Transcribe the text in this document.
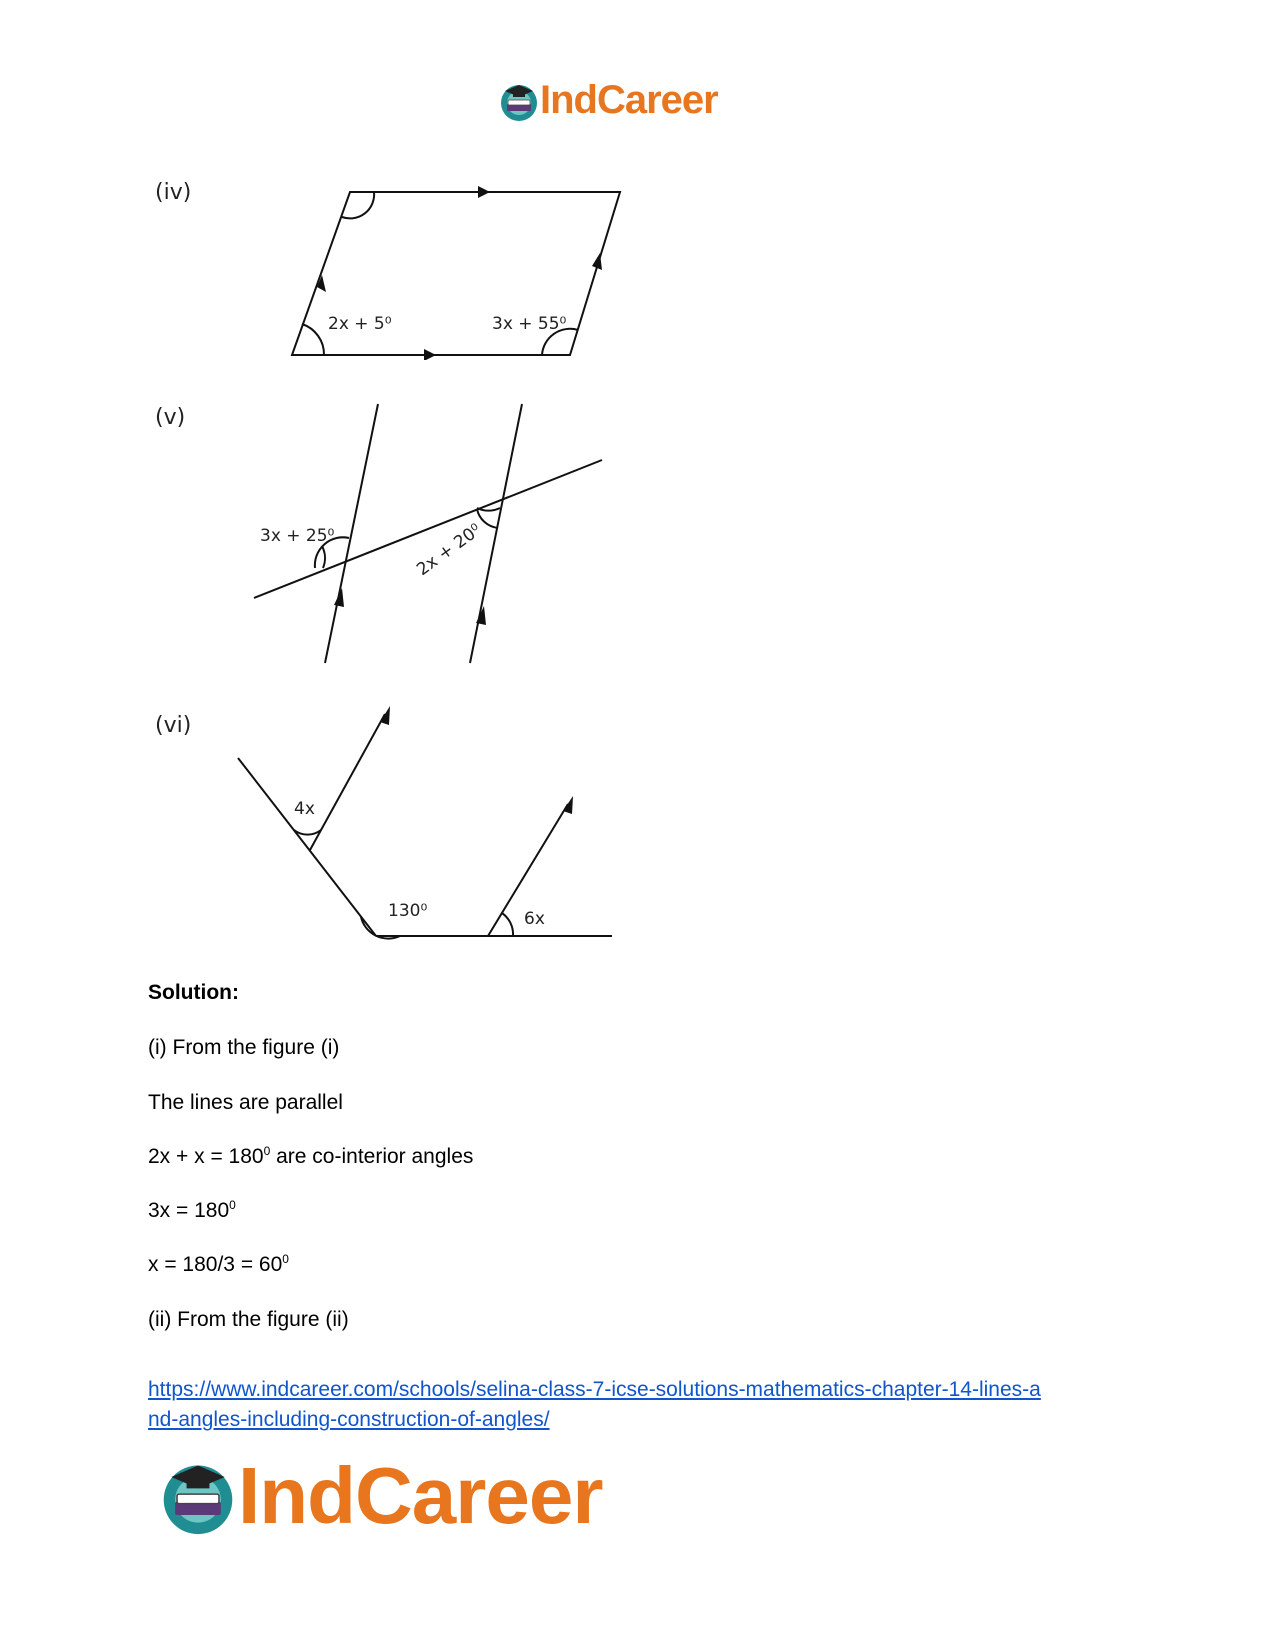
IndCareer
(iv)
2x + 5⁰	3x + 55⁰
(v)
3x + 25⁰	2x + 20⁰
(vi)
4x
130⁰	6x
Solution:
(i) From the figure (i)
The lines are parallel
$2x + x = 180^0$ are co-interior angles
$3x = 180^0$
$x = 180/3 = 60^0$
(ii) From the figure (ii)
https://www.indcareer.com/schools/selina-class-7-icse-solutions-mathematics-chapter-14-lines-a
nd-angles-including-construction-of-angles/
IndCareer
